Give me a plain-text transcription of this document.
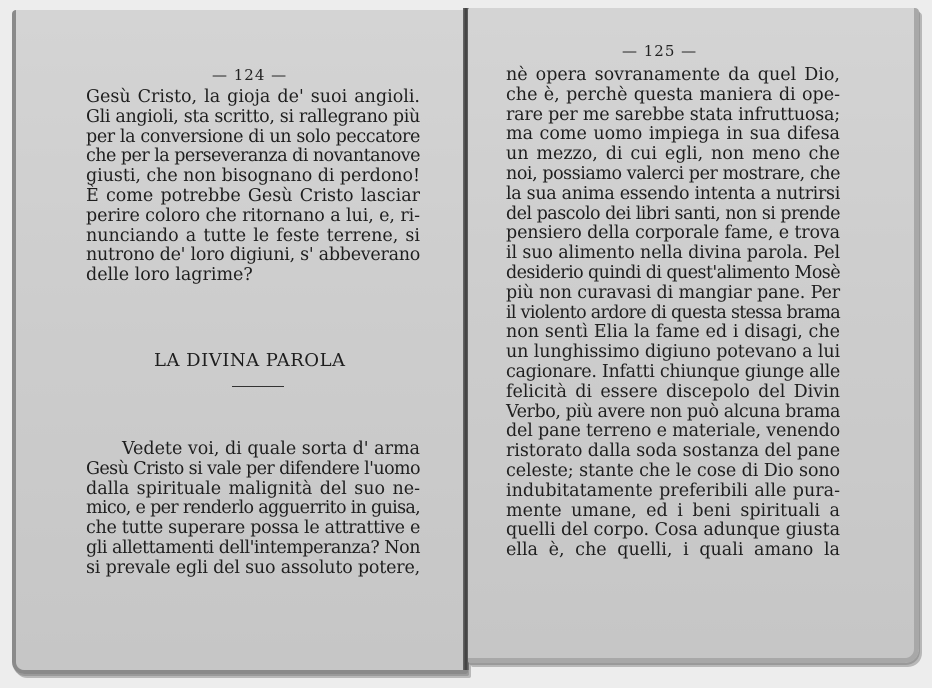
— 124 —
Gesù Cristo, la gioja de' suoi angioli.
Gli angioli, sta scritto, si rallegrano più
per la conversione di un solo peccatore
che per la perseveranza di novantanove
giusti, che non bisognano di perdono!
È come potrebbe Gesù Cristo lasciar
perire coloro che ritornano a lui, e, ri-
nunciando a tutte le feste terrene, si
nutrono de' loro digiuni, s' abbeverano
delle loro lagrime?
LA DIVINA PAROLA
Vedete voi, di quale sorta d' arma
Gesù Cristo si vale per difendere l'uomo
dalla spirituale malignità del suo ne-
mico, e per renderlo agguerrito in guisa,
che tutte superare possa le attrattive e
gli allettamenti dell'intemperanza? Non
si prevale egli del suo assoluto potere,
— 125 —
nè opera sovranamente da quel Dio,
che è, perchè questa maniera di ope-
rare per me sarebbe stata infruttuosa;
ma come uomo impiega in sua difesa
un mezzo, di cui egli, non meno che
noi, possiamo valerci per mostrare, che
la sua anima essendo intenta a nutrirsi
del pascolo dei libri santi, non si prende
pensiero della corporale fame, e trova
il suo alimento nella divina parola. Pel
desiderio quindi di quest'alimento Mosè
più non curavasi di mangiar pane. Per
il violento ardore di questa stessa brama
non sentì Elia la fame ed i disagi, che
un lunghissimo digiuno potevano a lui
cagionare. Infatti chiunque giunge alle
felicità di essere discepolo del Divin
Verbo, più avere non può alcuna brama
del pane terreno e materiale, venendo
ristorato dalla soda sostanza del pane
celeste; stante che le cose di Dio sono
indubitatamente preferibili alle pura-
mente umane, ed i beni spirituali a
quelli del corpo. Cosa adunque giusta
ella è, che quelli, i quali amano la
